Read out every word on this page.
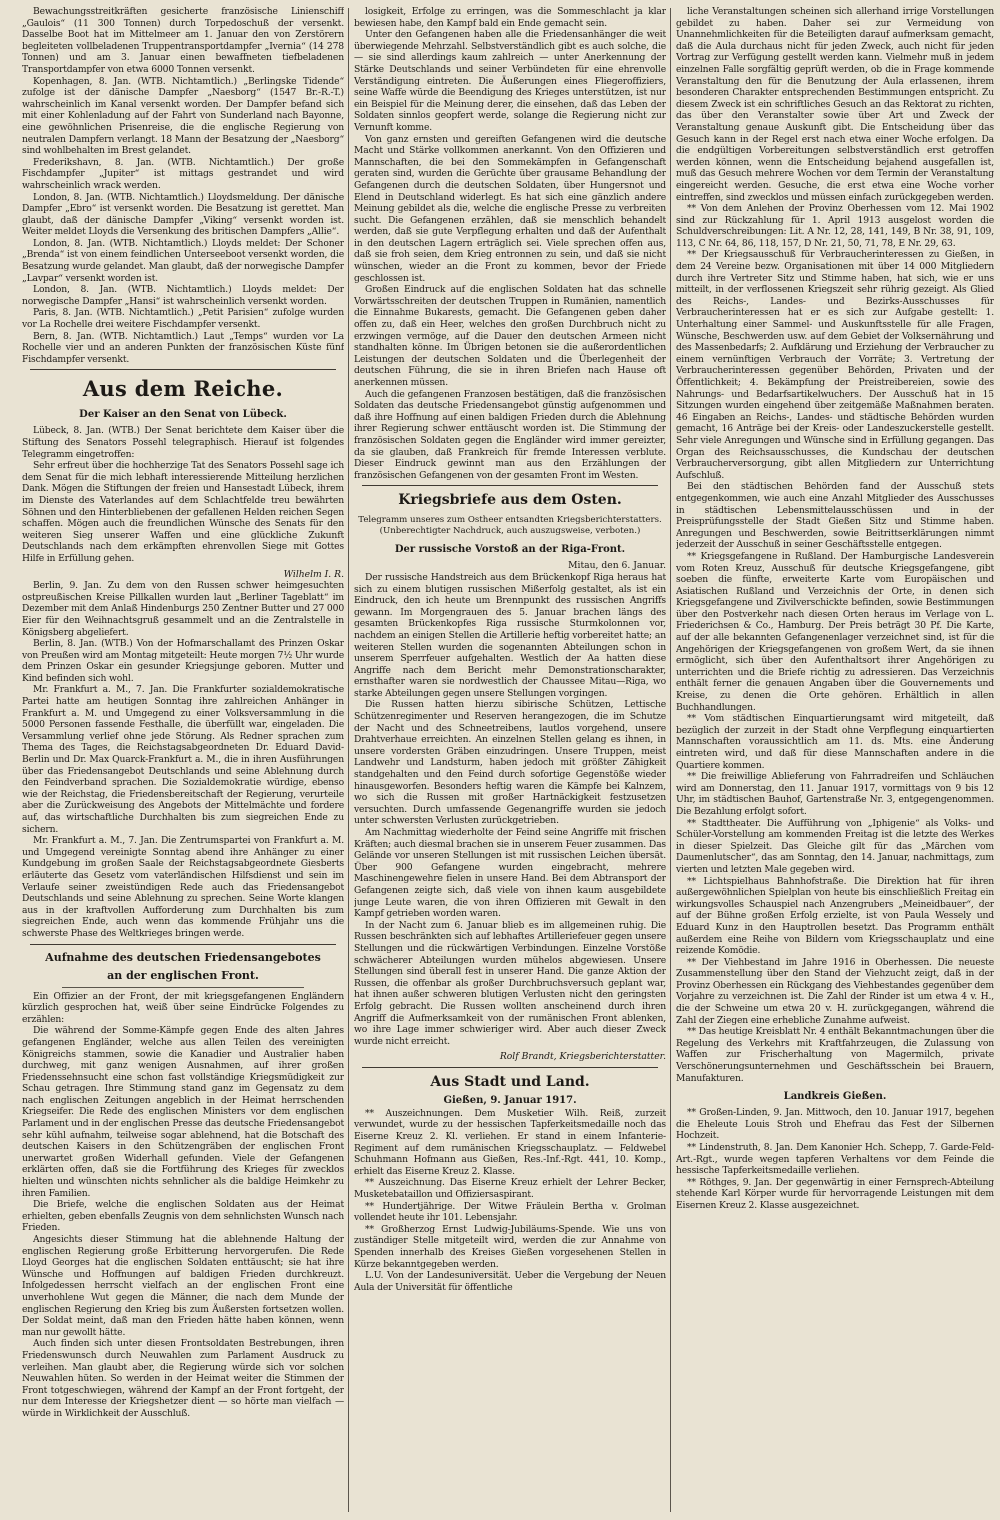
Bewachungsstreitkräften gesicherte französische Linienschiff „Gaulois“ (11 300 Tonnen) durch Torpedoschuß der versenkt. Dasselbe Boot hat im Mittelmeer am 1. Januar den von Zerstörern begleiteten vollbeladenen Truppentransportdampfer „Ivernia“ (14 278 Tonnen) und am 3. Januar einen bewaffneten tiefbeladenen Transportdampfer von etwa 6000 Tonnen versenkt.

Kopenhagen, 8. Jan. (WTB. Nichtamtlich.) „Berlingske Tidende“ zufolge ist der dänische Dampfer „Naesborg“ (1547 Br.-R.-T.) wahrscheinlich im Kanal versenkt worden. Der Dampfer befand sich mit einer Kohlenladung auf der Fahrt von Sunderland nach Bayonne, eine gewöhnlichen Prisenreise, die die englische Regierung von neutralen Dampfern verlangt. 18 Mann der Besatzung der „Naesborg“ sind wohlbehalten im Brest gelandet.

Frederikshavn, 8. Jan. (WTB. Nichtamtlich.) Der große Fischdampfer „Jupiter“ ist mittags gestrandet und wird wahrscheinlich wrack werden.

London, 8. Jan. (WTB. Nichtamtlich.) Lloydsmeldung. Der dänische Dampfer „Ebro“ ist versenkt worden. Die Besatzung ist gerettet. Man glaubt, daß der dänische Dampfer „Viking“ versenkt worden ist. Weiter meldet Lloyds die Versenkung des britischen Dampfers „Allie“.

London, 8. Jan. (WTB. Nichtamtlich.) Lloyds meldet: Der Schoner „Brenda“ ist von einem feindlichen Unterseeboot versenkt worden, die Besatzung wurde gelandet. Man glaubt, daß der norwegische Dampfer „Lavpar“ versenkt worden ist.

London, 8. Jan. (WTB. Nichtamtlich.) Lloyds meldet: Der norwegische Dampfer „Hansi“ ist wahrscheinlich versenkt worden.

Paris, 8. Jan. (WTB. Nichtamtlich.) „Petit Parisien“ zufolge wurden vor La Rochelle drei weitere Fischdampfer versenkt.

Bern, 8. Jan. (WTB. Nichtamtlich.) Laut „Temps“ wurden vor La Rochelle vier und an anderen Punkten der französischen Küste fünf Fischdampfer versenkt.

Aus dem Reiche.
Der Kaiser an den Senat von Lübeck.

Lübeck, 8. Jan. (WTB.) Der Senat berichtete dem Kaiser über die Stiftung des Senators Possehl telegraphisch. Hierauf ist folgendes Telegramm eingetroffen:

Sehr erfreut über die hochherzige Tat des Senators Possehl sage ich dem Senat für die mich lebhaft interessierende Mitteilung herzlichen Dank. Mögen die Stiftungen der freien und Hansestadt Lübeck, ihrem im Dienste des Vaterlandes auf dem Schlachtfelde treu bewährten Söhnen und den Hinterbliebenen der gefallenen Helden reichen Segen schaffen. Mögen auch die freundlichen Wünsche des Senats für den weiteren Sieg unserer Waffen und eine glückliche Zukunft Deutschlands nach dem erkämpften ehrenvollen Siege mit Gottes Hilfe in Erfüllung gehen.

Wilhelm I. R.

Berlin, 9. Jan. Zu dem von den Russen schwer heimgesuchten ostpreußischen Kreise Pillkallen wurden laut „Berliner Tageblatt“ im Dezember mit dem Anlaß Hindenburgs 250 Zentner Butter und 27 000 Eier für den Weihnachtsgruß gesammelt und an die Zentralstelle in Königsberg abgeliefert.

Berlin, 8. Jan. (WTB.) Von der Hofmarschallamt des Prinzen Oskar von Preußen wird am Montag mitgeteilt: Heute morgen 7½ Uhr wurde dem Prinzen Oskar ein gesunder Kriegsjunge geboren. Mutter und Kind befinden sich wohl.

Mr. Frankfurt a. M., 7. Jan. Die Frankfurter sozialdemokratische Partei hatte am heutigen Sonntag ihre zahlreichen Anhänger in Frankfurt a. M. und Umgegend zu einer Volksversammlung in die 5000 Personen fassende Festhalle, die überfüllt war, eingeladen. Die Versammlung verlief ohne jede Störung. Als Redner sprachen zum Thema des Tages, die Reichstagsabgeordneten Dr. Eduard David-Berlin und Dr. Max Quarck-Frankfurt a. M., die in ihren Ausführungen über das Friedensangebot Deutschlands und seine Ablehnung durch den Feindverband sprachen. Die Sozialdemokratie würdige, ebenso wie der Reichstag, die Friedensbereitschaft der Regierung, verurteile aber die Zurückweisung des Angebots der Mittelmächte und fordere auf, das wirtschaftliche Durchhalten bis zum siegreichen Ende zu sichern.

Mr. Frankfurt a. M., 7. Jan. Die Zentrumspartei von Frankfurt a. M. und Umgegend vereinigte Sonntag abend ihre Anhänger zu einer Kundgebung im großen Saale der Reichstagsabgeordnete Giesberts erläuterte das Gesetz vom vaterländischen Hilfsdienst und sein im Verlaufe seiner zweistündigen Rede auch das Friedensangebot Deutschlands und seine Ablehnung zu sprechen. Seine Worte klangen aus in der kraftvollen Aufforderung zum Durchhalten bis zum siegreichen Ende, auch wenn das kommende Frühjahr uns die schwerste Phase des Weltkrieges bringen werde.

Aufnahme des deutschen Friedensangebotes
an der englischen Front.

Ein Offizier an der Front, der mit kriegsgefangenen Engländern kürzlich gesprochen hat, weiß über seine Eindrücke Folgendes zu erzählen:

Die während der Somme-Kämpfe gegen Ende des alten Jahres gefangenen Engländer, welche aus allen Teilen des vereinigten Königreichs stammen, sowie die Kanadier und Australier haben durchweg, mit ganz wenigen Ausnahmen, auf ihrer großen Friedenssehnsucht eine schon fast vollständige Kriegsmüdigkeit zur Schau getragen. Ihre Stimmung stand ganz im Gegensatz zu dem nach englischen Zeitungen angeblich in der Heimat herrschenden Kriegseifer. Die Rede des englischen Ministers vor dem englischen Parlament und in der englischen Presse das deutsche Friedensangebot sehr kühl aufnahm, teilweise sogar ablehnend, hat die Botschaft des deutschen Kaisers in den Schützengräben der englischen Front unerwartet großen Widerhall gefunden. Viele der Gefangenen erklärten offen, daß sie die Fortführung des Krieges für zwecklos hielten und wünschten nichts sehnlicher als die baldige Heimkehr zu ihren Familien.

Die Briefe, welche die englischen Soldaten aus der Heimat erhielten, geben ebenfalls Zeugnis von dem sehnlichsten Wunsch nach Frieden.

Angesichts dieser Stimmung hat die ablehnende Haltung der englischen Regierung große Erbitterung hervorgerufen. Die Rede Lloyd Georges hat die englischen Soldaten enttäuscht; sie hat ihre Wünsche und Hoffnungen auf baldigen Frieden durchkreuzt. Infolgedessen herrscht vielfach an der englischen Front eine unverhohlene Wut gegen die Männer, die nach dem Munde der englischen Regierung den Krieg bis zum Äußersten fortsetzen wollen. Der Soldat meint, daß man den Frieden hätte haben können, wenn man nur gewollt hätte.

Auch finden sich unter diesen Frontsoldaten Bestrebungen, ihren Friedenswunsch durch Neuwahlen zum Parlament Ausdruck zu verleihen. Man glaubt aber, die Regierung würde sich vor solchen Neuwahlen hüten. So werden in der Heimat weiter die Stimmen der Front totgeschwiegen, während der Kampf an der Front fortgeht, der nur dem Interesse der Kriegshetzer dient — so hörte man vielfach — würde in Wirklichkeit der Ausschluß.

losigkeit, Erfolge zu erringen, was die Sommeschlacht ja klar bewiesen habe, den Kampf bald ein Ende gemacht sein.

Unter den Gefangenen haben alle die Friedensanhänger die weit überwiegende Mehrzahl. Selbstverständlich gibt es auch solche, die — sie sind allerdings kaum zahlreich — unter Anerkennung der Stärke Deutschlands und seiner Verbündeten für eine ehrenvolle Verständigung eintreten. Die Äußerungen eines Fliegeroffiziers, seine Waffe würde die Beendigung des Krieges unterstützen, ist nur ein Beispiel für die Meinung derer, die einsehen, daß das Leben der Soldaten sinnlos geopfert werde, solange die Regierung nicht zur Vernunft komme.

Von ganz ernsten und gereiften Gefangenen wird die deutsche Macht und Stärke vollkommen anerkannt. Von den Offizieren und Mannschaften, die bei den Sommekämpfen in Gefangenschaft geraten sind, wurden die Gerüchte über grausame Behandlung der Gefangenen durch die deutschen Soldaten, über Hungersnot und Elend in Deutschland widerlegt. Es hat sich eine gänzlich andere Meinung gebildet als die, welche die englische Presse zu verbreiten sucht. Die Gefangenen erzählen, daß sie menschlich behandelt werden, daß sie gute Verpflegung erhalten und daß der Aufenthalt in den deutschen Lagern erträglich sei. Viele sprechen offen aus, daß sie froh seien, dem Krieg entronnen zu sein, und daß sie nicht wünschen, wieder an die Front zu kommen, bevor der Friede geschlossen ist.

Großen Eindruck auf die englischen Soldaten hat das schnelle Vorwärtsschreiten der deutschen Truppen in Rumänien, namentlich die Einnahme Bukarests, gemacht. Die Gefangenen geben daher offen zu, daß ein Heer, welches den großen Durchbruch nicht zu erzwingen vermöge, auf die Dauer den deutschen Armeen nicht standhalten könne. Im Übrigen betonen sie die außerordentlichen Leistungen der deutschen Soldaten und die Überlegenheit der deutschen Führung, die sie in ihren Briefen nach Hause oft anerkennen müssen.

Auch die gefangenen Franzosen bestätigen, daß die französischen Soldaten das deutsche Friedensangebot günstig aufgenommen und daß ihre Hoffnung auf einen baldigen Frieden durch die Ablehnung ihrer Regierung schwer enttäuscht worden ist. Die Stimmung der französischen Soldaten gegen die Engländer wird immer gereizter, da sie glauben, daß Frankreich für fremde Interessen verblute. Dieser Eindruck gewinnt man aus den Erzählungen der französischen Gefangenen von der gesamten Front im Westen.

Kriegsbriefe aus dem Osten.
Telegramm unseres zum Ostheer entsandten Kriegsberichterstatters. (Unberechtigter Nachdruck, auch auszugsweise, verboten.)
Der russische Vorstoß an der Riga-Front.

Mitau, den 6. Januar.

Der russische Handstreich aus dem Brückenkopf Riga heraus hat sich zu einem blutigen russischen Mißerfolg gestaltet, als ist ein Eindruck, den ich heute um Brennpunkt des russischen Angriffs gewann. Im Morgengrauen des 5. Januar brachen längs des gesamten Brückenkopfes Riga russische Sturmkolonnen vor, nachdem an einigen Stellen die Artillerie heftig vorbereitet hatte; an weiteren Stellen wurden die sogenannten Abteilungen schon in unserem Sperrfeuer aufgehalten. Westlich der Aa hatten diese Angriffe nach dem Bericht mehr Demonstrationscharakter, ernsthafter waren sie nordwestlich der Chaussee Mitau—Riga, wo starke Abteilungen gegen unsere Stellungen vorgingen.

Die Russen hatten hierzu sibirische Schützen, Lettische Schützenregimenter und Reserven herangezogen, die im Schutze der Nacht und des Schneetreibens, lautlos vorgehend, unsere Drahtverhaue erreichten. An einzelnen Stellen gelang es ihnen, in unsere vordersten Gräben einzudringen. Unsere Truppen, meist Landwehr und Landsturm, haben jedoch mit größter Zähigkeit standgehalten und den Feind durch sofortige Gegenstöße wieder hinausgeworfen. Besonders heftig waren die Kämpfe bei Kalnzem, wo sich die Russen mit großer Hartnäckigkeit festzusetzen versuchten. Durch umfassende Gegenangriffe wurden sie jedoch unter schwersten Verlusten zurückgetrieben.

Am Nachmittag wiederholte der Feind seine Angriffe mit frischen Kräften; auch diesmal brachen sie in unserem Feuer zusammen. Das Gelände vor unseren Stellungen ist mit russischen Leichen übersät. Über 900 Gefangene wurden eingebracht, mehrere Maschinengewehre fielen in unsere Hand. Bei dem Abtransport der Gefangenen zeigte sich, daß viele von ihnen kaum ausgebildete junge Leute waren, die von ihren Offizieren mit Gewalt in den Kampf getrieben worden waren.

In der Nacht zum 6. Januar blieb es im allgemeinen ruhig. Die Russen beschränkten sich auf lebhaftes Artilleriefeuer gegen unsere Stellungen und die rückwärtigen Verbindungen. Einzelne Vorstöße schwächerer Abteilungen wurden mühelos abgewiesen. Unsere Stellungen sind überall fest in unserer Hand. Die ganze Aktion der Russen, die offenbar als großer Durchbruchsversuch geplant war, hat ihnen außer schweren blutigen Verlusten nicht den geringsten Erfolg gebracht. Die Russen wollten anscheinend durch ihren Angriff die Aufmerksamkeit von der rumänischen Front ablenken, wo ihre Lage immer schwieriger wird. Aber auch dieser Zweck wurde nicht erreicht.

Rolf Brandt, Kriegsberichterstatter.

Aus Stadt und Land.
Gießen, 9. Januar 1917.

** Auszeichnungen. Dem Musketier Wilh. Reiß, zurzeit verwundet, wurde zu der hessischen Tapferkeitsmedaille noch das Eiserne Kreuz 2. Kl. verliehen. Er stand in einem Infanterie-Regiment auf dem rumänischen Kriegsschauplatz. — Feldwebel Schuhmann Hofmann aus Gießen, Res.-Inf.-Rgt. 441, 10. Komp., erhielt das Eiserne Kreuz 2. Klasse.

** Auszeichnung. Das Eiserne Kreuz erhielt der Lehrer Becker, Musketebataillon und Offiziersaspirant.

** Hundertjährige. Der Witwe Fräulein Bertha v. Grolman vollendet heute ihr 101. Lebensjahr.

** Großherzog Ernst Ludwig-Jubiläums-Spende. Wie uns von zuständiger Stelle mitgeteilt wird, werden die zur Annahme von Spenden innerhalb des Kreises Gießen vorgesehenen Stellen in Kürze bekanntgegeben werden.

L.U. Von der Landesuniversität. Ueber die Vergebung der Neuen Aula der Universität für öffentliche

liche Veranstaltungen scheinen sich allerhand irrige Vorstellungen gebildet zu haben. Daher sei zur Vermeidung von Unannehmlichkeiten für die Beteiligten darauf aufmerksam gemacht, daß die Aula durchaus nicht für jeden Zweck, auch nicht für jeden Vortrag zur Verfügung gestellt werden kann. Vielmehr muß in jedem einzelnen Falle sorgfältig geprüft werden, ob die in Frage kommende Veranstaltung den für die Benutzung der Aula erlassenen, ihrem besonderen Charakter entsprechenden Bestimmungen entspricht. Zu diesem Zweck ist ein schriftliches Gesuch an das Rektorat zu richten, das über den Veranstalter sowie über Art und Zweck der Veranstaltung genaue Auskunft gibt. Die Entscheidung über das Gesuch kann in der Regel erst nach etwa einer Woche erfolgen. Da die endgültigen Vorbereitungen selbstverständlich erst getroffen werden können, wenn die Entscheidung bejahend ausgefallen ist, muß das Gesuch mehrere Wochen vor dem Termin der Veranstaltung eingereicht werden. Gesuche, die erst etwa eine Woche vorher eintreffen, sind zwecklos und müssen einfach zurückgegeben werden.

** Von dem Anlehen der Provinz Oberhessen vom 12. Mai 1902 sind zur Rückzahlung für 1. April 1913 ausgelost worden die Schuldverschreibungen: Lit. A Nr. 12, 28, 141, 149, B Nr. 38, 91, 109, 113, C Nr. 64, 86, 118, 157, D Nr. 21, 50, 71, 78, E Nr. 29, 63.

** Der Kriegsausschuß für Verbraucherinteressen zu Gießen, in dem 24 Vereine bezw. Organisationen mit über 14 000 Mitgliedern durch ihre Vertreter Sitz und Stimme haben, hat sich, wie er uns mitteilt, in der verflossenen Kriegszeit sehr rührig gezeigt. Als Glied des Reichs-, Landes- und Bezirks-Ausschusses für Verbraucherinteressen hat er es sich zur Aufgabe gestellt: 1. Unterhaltung einer Sammel- und Auskunftsstelle für alle Fragen, Wünsche, Beschwerden usw. auf dem Gebiet der Volksernährung und des Massenbedarfs; 2. Aufklärung und Erziehung der Verbraucher zu einem vernünftigen Verbrauch der Vorräte; 3. Vertretung der Verbraucherinteressen gegenüber Behörden, Privaten und der Öffentlichkeit; 4. Bekämpfung der Preistreibereien, sowie des Nahrungs- und Bedarfsartikelwuchers. Der Ausschuß hat in 15 Sitzungen wurden eingehend über zeitgemäße Maßnahmen beraten. 46 Eingaben an Reichs-, Landes- und städtische Behörden wurden gemacht, 16 Anträge bei der Kreis- oder Landeszuckerstelle gestellt. Sehr viele Anregungen und Wünsche sind in Erfüllung gegangen. Das Organ des Reichsausschusses, die Kundschau der deutschen Verbraucherversorgung, gibt allen Mitgliedern zur Unterrichtung Aufschluß.

Bei den städtischen Behörden fand der Ausschuß stets entgegenkommen, wie auch eine Anzahl Mitglieder des Ausschusses in städtischen Lebensmittelausschüssen und in der Preisprüfungsstelle der Stadt Gießen Sitz und Stimme haben. Anregungen und Beschwerden, sowie Beitrittserklärungen nimmt jederzeit der Ausschuß in seiner Geschäftsstelle entgegen.

** Kriegsgefangene in Rußland. Der Hamburgische Landesverein vom Roten Kreuz, Ausschuß für deutsche Kriegsgefangene, gibt soeben die fünfte, erweiterte Karte vom Europäischen und Asiatischen Rußland und Verzeichnis der Orte, in denen sich Kriegsgefangene und Zivilverschickte befinden, sowie Bestimmungen über den Postverkehr nach diesen Orten heraus im Verlage von L. Friederichsen & Co., Hamburg. Der Preis beträgt 30 Pf. Die Karte, auf der alle bekannten Gefangenenlager verzeichnet sind, ist für die Angehörigen der Kriegsgefangenen von großem Wert, da sie ihnen ermöglicht, sich über den Aufenthaltsort ihrer Angehörigen zu unterrichten und die Briefe richtig zu adressieren. Das Verzeichnis enthält ferner die genauen Angaben über die Gouvernements und Kreise, zu denen die Orte gehören. Erhältlich in allen Buchhandlungen.

** Vom städtischen Einquartierungsamt wird mitgeteilt, daß bezüglich der zurzeit in der Stadt ohne Verpflegung einquartierten Mannschaften voraussichtlich am 11. ds. Mts. eine Änderung eintreten wird, und daß für diese Mannschaften andere in die Quartiere kommen.

** Die freiwillige Ablieferung von Fahrradreifen und Schläuchen wird am Donnerstag, den 11. Januar 1917, vormittags von 9 bis 12 Uhr, im städtischen Bauhof, Gartenstraße Nr. 3, entgegengenommen. Die Bezahlung erfolgt sofort.

** Stadttheater. Die Aufführung von „Iphigenie“ als Volks- und Schüler-Vorstellung am kommenden Freitag ist die letzte des Werkes in dieser Spielzeit. Das Gleiche gilt für das „Märchen vom Daumenlutscher“, das am Sonntag, den 14. Januar, nachmittags, zum vierten und letzten Male gegeben wird.

** Lichtspielhaus Bahnhofstraße. Die Direktion hat für ihren außergewöhnlichen Spielplan von heute bis einschließlich Freitag ein wirkungsvolles Schauspiel nach Anzengrubers „Meineidbauer“, der auf der Bühne großen Erfolg erzielte, ist von Paula Wessely und Eduard Kunz in den Hauptrollen besetzt. Das Programm enthält außerdem eine Reihe von Bildern vom Kriegsschauplatz und eine reizende Komödie.

** Der Viehbestand im Jahre 1916 in Oberhessen. Die neueste Zusammenstellung über den Stand der Viehzucht zeigt, daß in der Provinz Oberhessen ein Rückgang des Viehbestandes gegenüber dem Vorjahre zu verzeichnen ist. Die Zahl der Rinder ist um etwa 4 v. H., die der Schweine um etwa 20 v. H. zurückgegangen, während die Zahl der Ziegen eine erhebliche Zunahme aufweist.

** Das heutige Kreisblatt Nr. 4 enthält Bekanntmachungen über die Regelung des Verkehrs mit Kraftfahrzeugen, die Zulassung von Waffen zur Frischerhaltung von Magermilch, private Verschönerungsunternehmen und Geschäftsschein bei Brauern, Manufakturen.

Landkreis Gießen.

** Großen-Linden, 9. Jan. Mittwoch, den 10. Januar 1917, begehen die Eheleute Louis Stroh und Ehefrau das Fest der Silbernen Hochzeit.

** Lindenstruth, 8. Jan. Dem Kanonier Hch. Schepp, 7. Garde-Feld-Art.-Rgt., wurde wegen tapferen Verhaltens vor dem Feinde die hessische Tapferkeitsmedaille verliehen.

** Röthges, 9. Jan. Der gegenwärtig in einer Fernsprech-Abteilung stehende Karl Körper wurde für hervorragende Leistungen mit dem Eisernen Kreuz 2. Klasse ausgezeichnet.
